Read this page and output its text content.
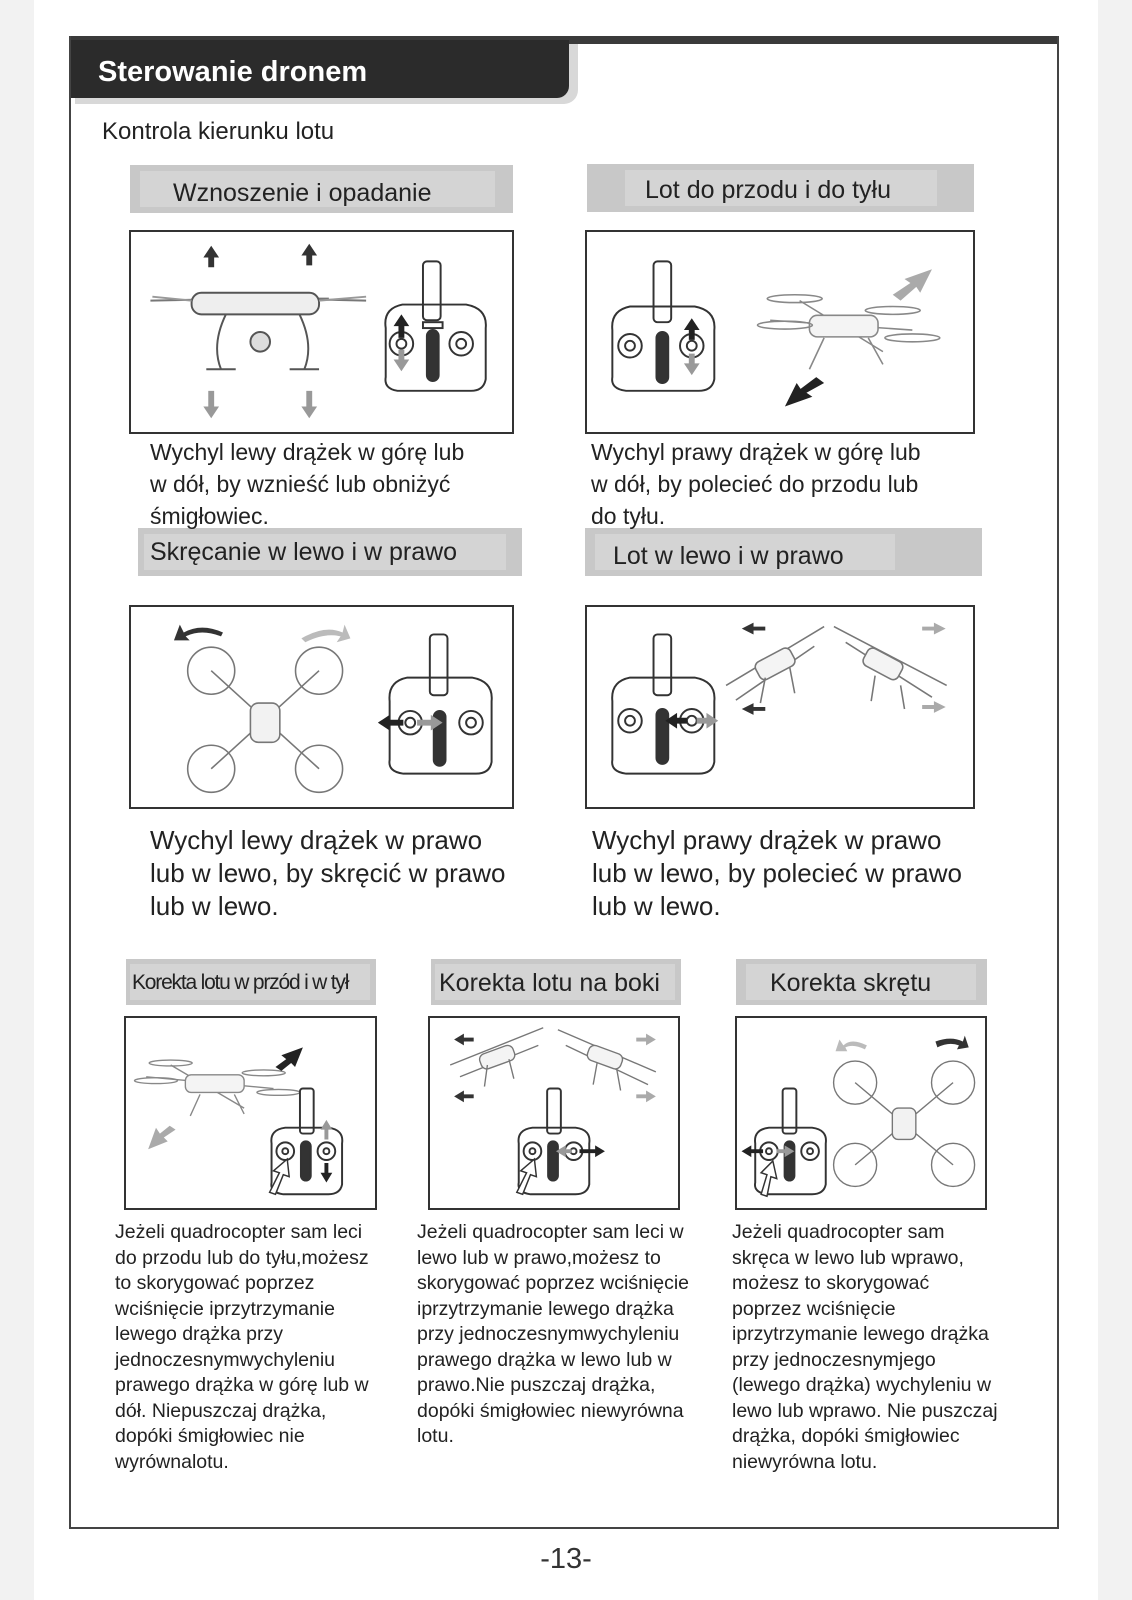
Sterowanie dronem
Kontrola kierunku lotu
Wznoszenie i opadanie	Lot do przodu i do tyłu
Skręcanie w lewo i w prawo	Lot w lewo i w prawo
Wychyl lewy drążek w górę lub
w dół, by wznieść lub obniżyć
śmigłowiec.
Wychyl prawy drążek w górę lub
w dół, by polecieć do przodu lub
do tyłu.
Wychyl lewy drążek w prawo
lub w lewo, by skręcić w prawo
lub w lewo.
Wychyl prawy drążek w prawo
lub w lewo, by polecieć w prawo
lub w lewo.
Korekta lotu w przód i w tył	Korekta lotu na boki	Korekta skrętu
Jeżeli quadrocopter sam leci
do przodu lub do tyłu,możesz
to skorygować poprzez
wciśnięcie iprzytrzymanie
lewego drążka przy
jednoczesnymwychyleniu
prawego drążka w górę lub w
dół. Niepuszczaj drążka,
dopóki śmigłowiec nie
wyrównalotu.
Jeżeli quadrocopter sam leci w
lewo lub w prawo,możesz to
skorygować poprzez wciśnięcie
iprzytrzymanie lewego drążka
przy jednoczesnymwychyleniu
prawego drążka w lewo lub w
prawo.Nie puszczaj drążka,
dopóki śmigłowiec niewyrówna
lotu.
Jeżeli quadrocopter sam
skręca w lewo lub wprawo,
możesz to skorygować
poprzez wciśnięcie
iprzytrzymanie lewego drążka
przy jednoczesnymjego
(lewego drążka) wychyleniu w
lewo lub wprawo. Nie puszczaj
drążka, dopóki śmigłowiec
niewyrówna lotu.
-13-
